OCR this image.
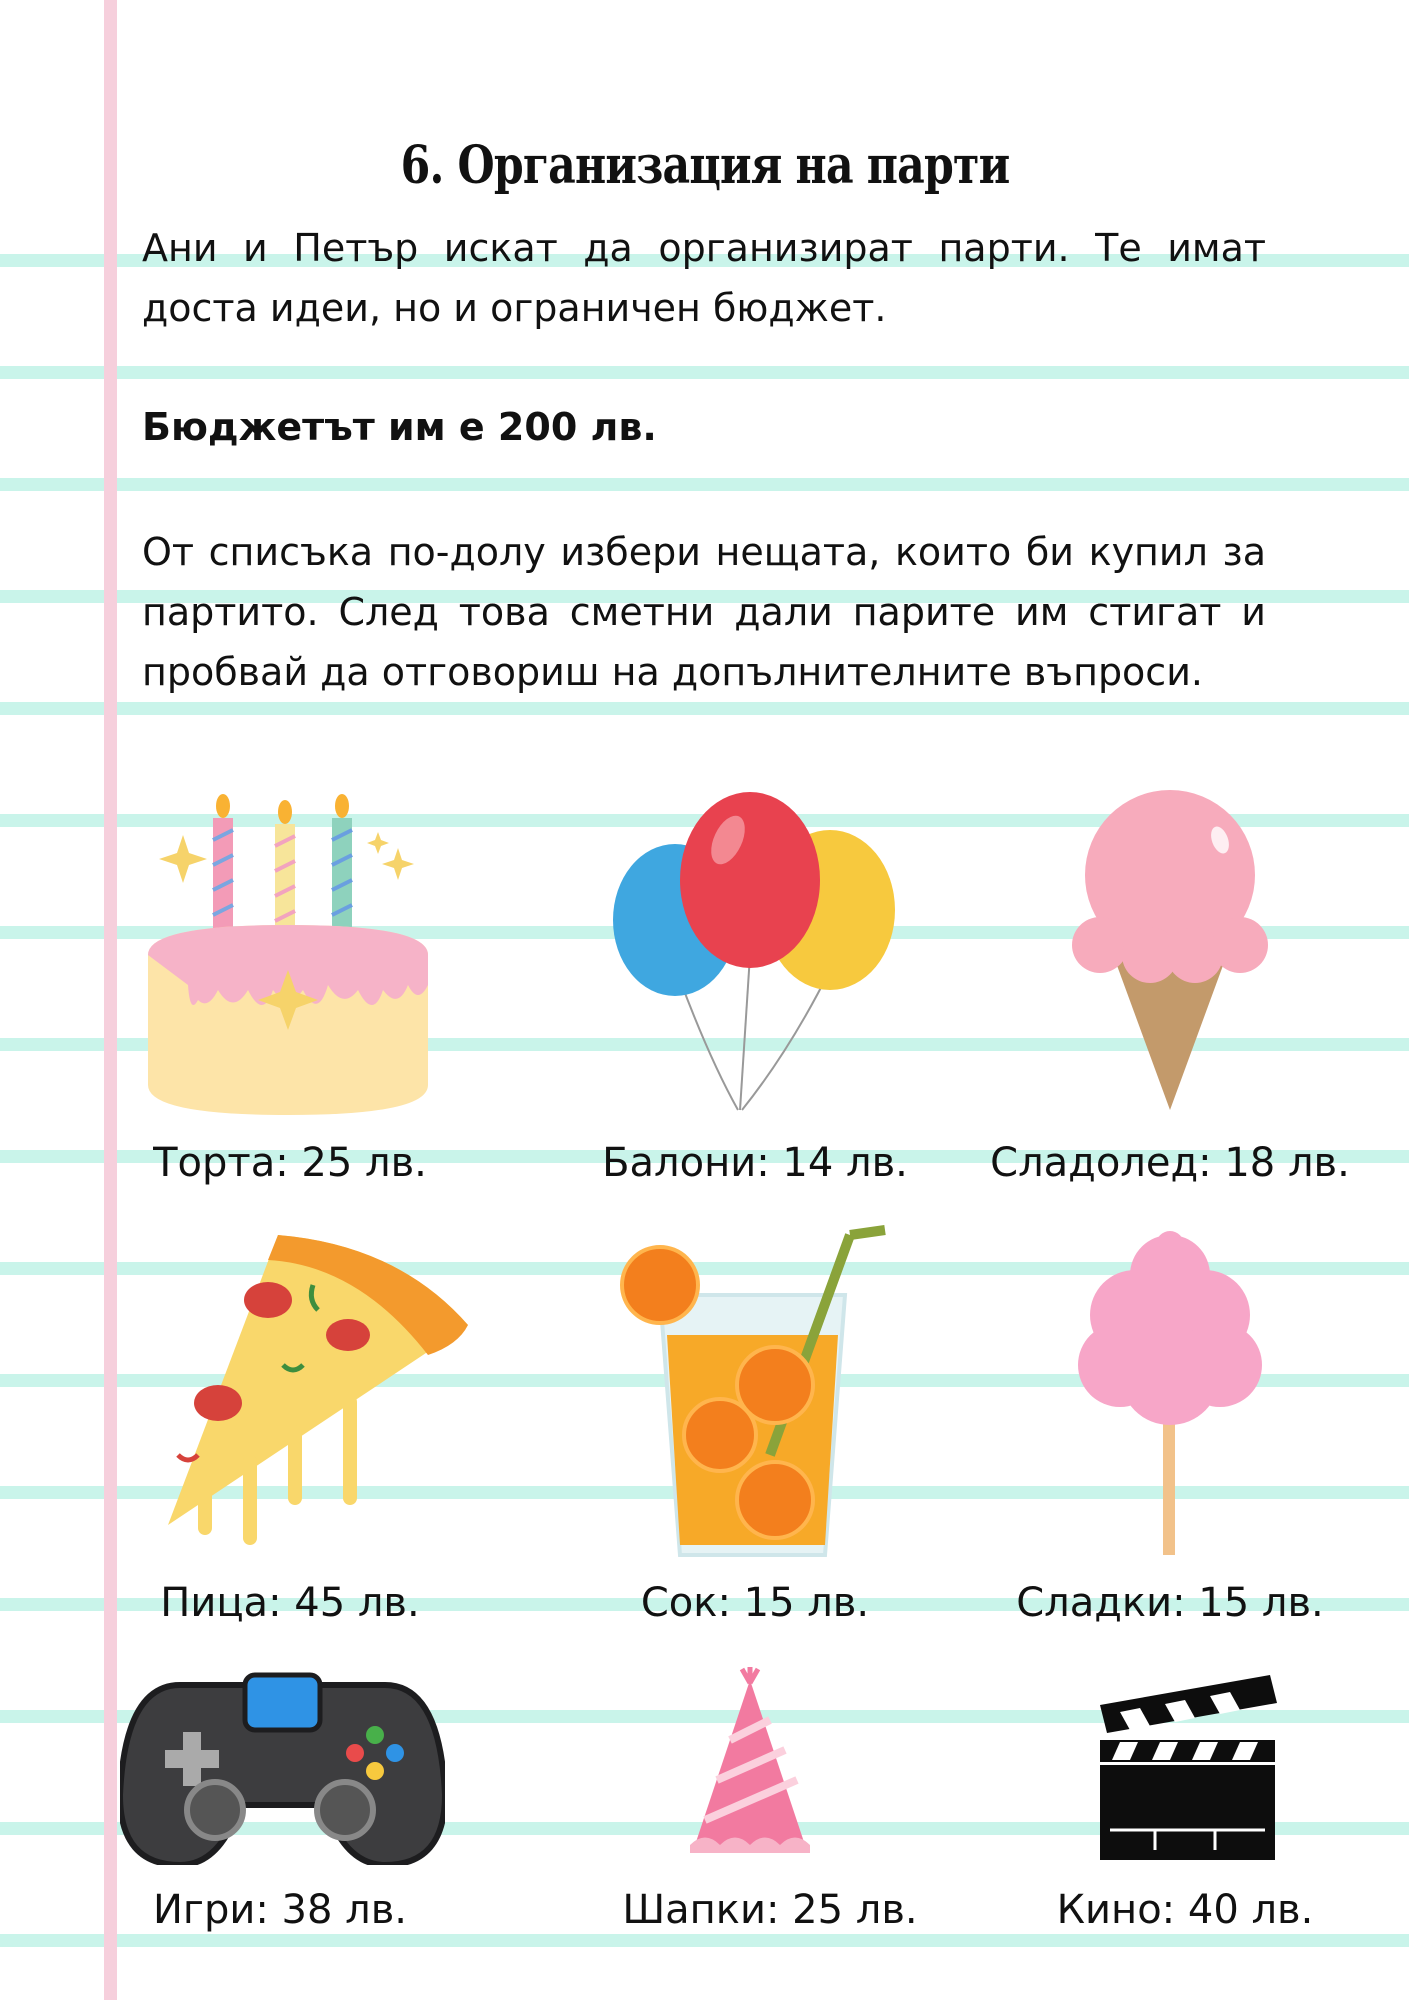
6. Организация на парти
Ани и Петър искат да организират парти. Те имат доста идеи, но и ограничен бюджет.
Бюджетът им е 200 лв.
От списъка по-долу избери нещата, които би купил за партито. След това сметни дали парите им стигат и пробвай да отговориш на допълнителните въпроси.
Торта: 25 лв.	Балони: 14 лв.	Сладолед: 18 лв.
Пица: 45 лв.	Сок: 15 лв.	Сладки: 15 лв.
Игри: 38 лв.	Шапки: 25 лв.	Кино: 40 лв.
